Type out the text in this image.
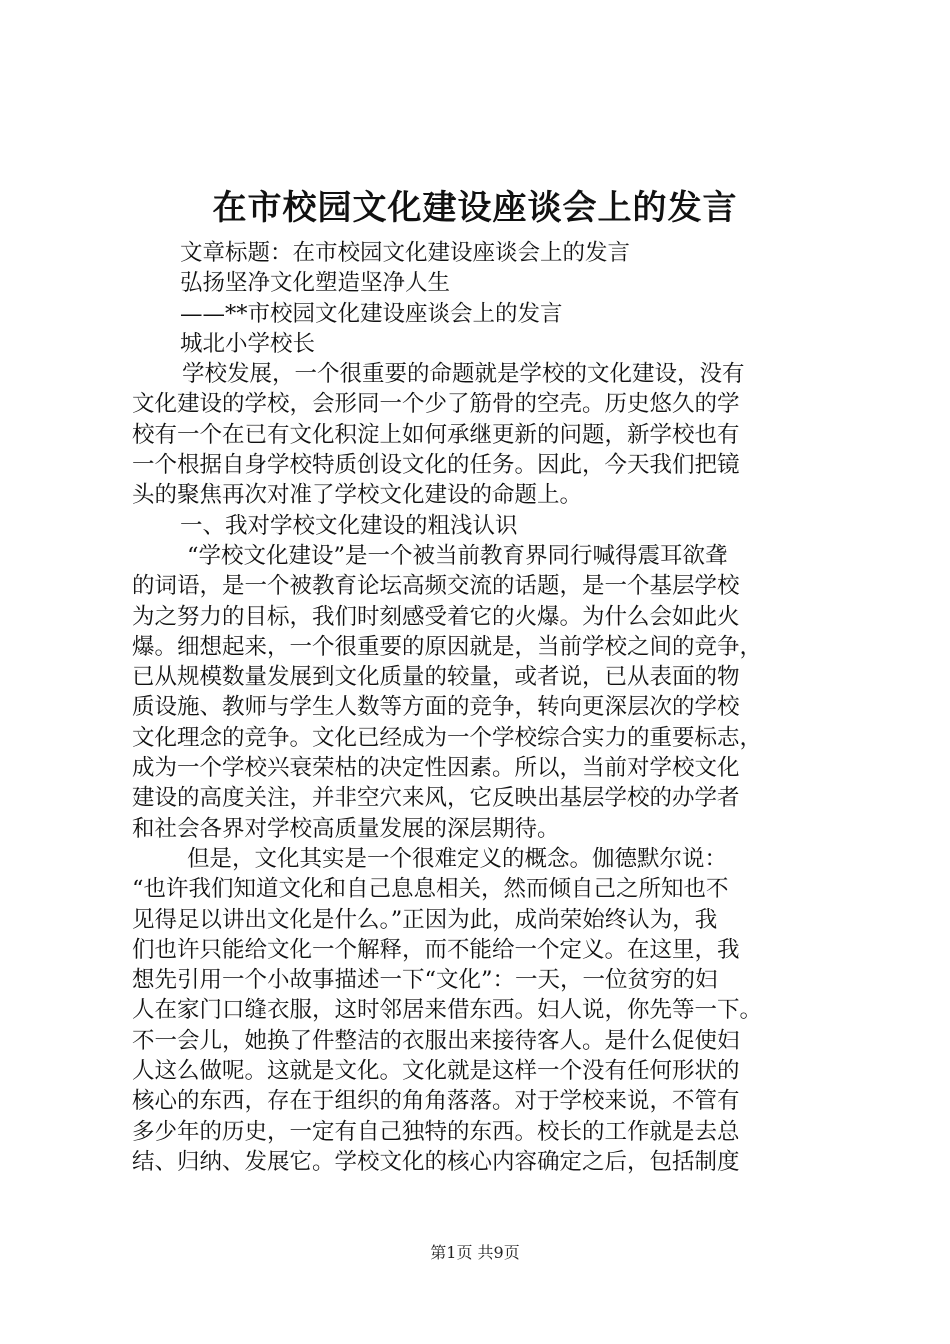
在市校园文化建设座谈会上的发言

文章标题：在市校园文化建设座谈会上的发言

弘扬坚净文化塑造坚净人生

——**市校园文化建设座谈会上的发言

城北小学校长

学校发展，一个很重要的命题就是学校的文化建设，没有

文化建设的学校，会形同一个少了筋骨的空壳。历史悠久的学

校有一个在已有文化积淀上如何承继更新的问题，新学校也有

一个根据自身学校特质创设文化的任务。因此，今天我们把镜

头的聚焦再次对准了学校文化建设的命题上。

一、我对学校文化建设的粗浅认识

“学校文化建设”是一个被当前教育界同行喊得震耳欲聋

的词语，是一个被教育论坛高频交流的话题，是一个基层学校

为之努力的目标，我们时刻感受着它的火爆。为什么会如此火

爆。细想起来，一个很重要的原因就是，当前学校之间的竞争，

已从规模数量发展到文化质量的较量，或者说，已从表面的物

质设施、教师与学生人数等方面的竞争，转向更深层次的学校

文化理念的竞争。文化已经成为一个学校综合实力的重要标志，

成为一个学校兴衰荣枯的决定性因素。所以，当前对学校文化

建设的高度关注，并非空穴来风，它反映出基层学校的办学者

和社会各界对学校高质量发展的深层期待。

但是，文化其实是一个很难定义的概念。伽德默尔说：

“也许我们知道文化和自己息息相关，然而倾自己之所知也不

见得足以讲出文化是什么。”正因为此，成尚荣始终认为，我

们也许只能给文化一个解释，而不能给一个定义。在这里，我

想先引用一个小故事描述一下“文化”：一天，一位贫穷的妇

人在家门口缝衣服，这时邻居来借东西。妇人说，你先等一下。

不一会儿，她换了件整洁的衣服出来接待客人。是什么促使妇

人这么做呢。这就是文化。文化就是这样一个没有任何形状的

核心的东西，存在于组织的角角落落。对于学校来说，不管有

多少年的历史，一定有自己独特的东西。校长的工作就是去总

结、归纳、发展它。学校文化的核心内容确定之后，包括制度

第1页 共9页
